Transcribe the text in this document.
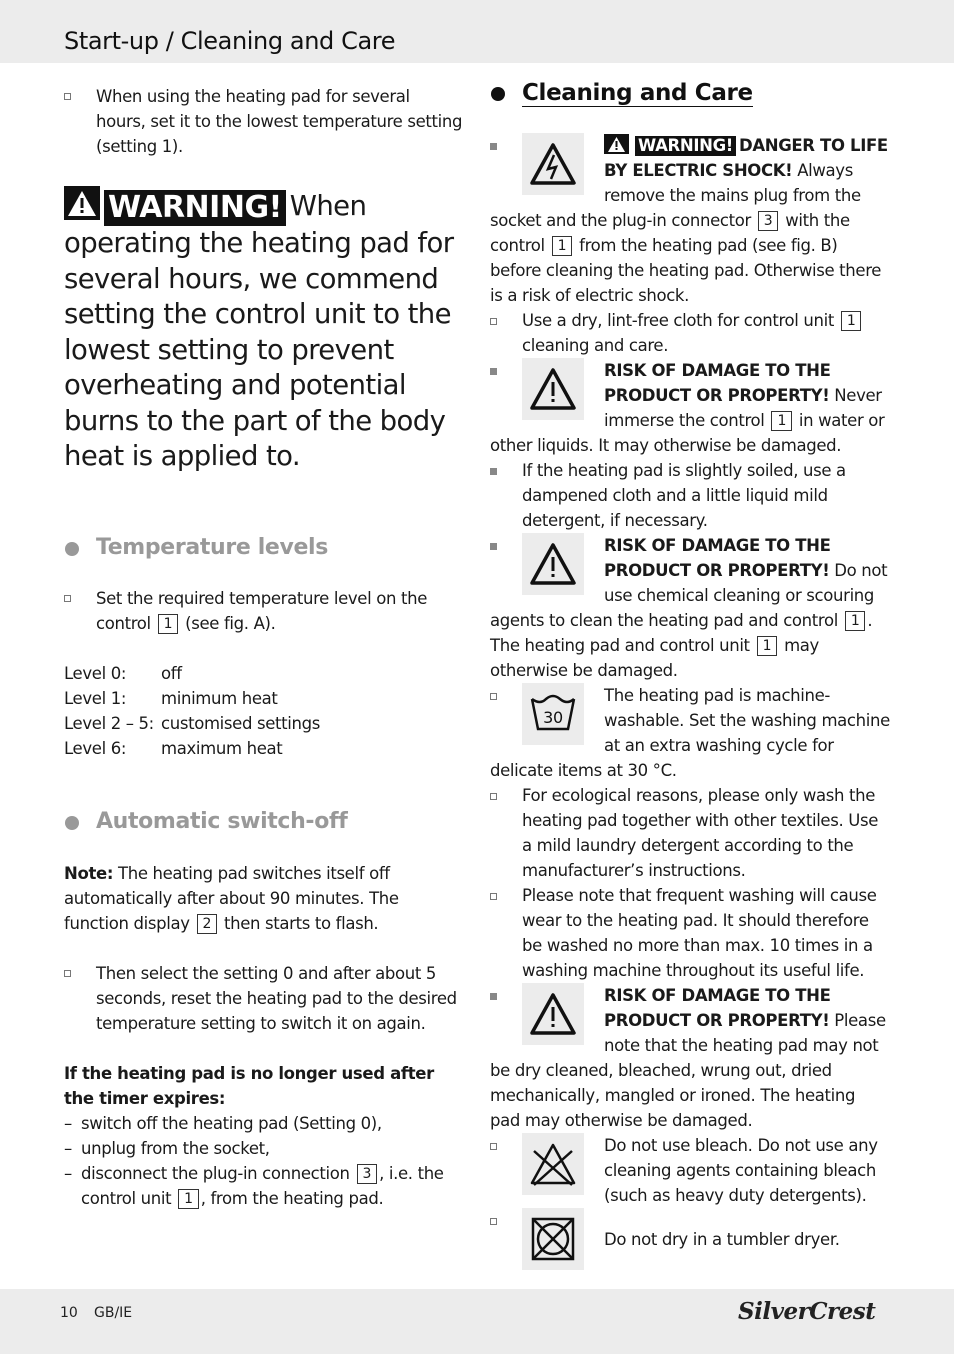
Start-up / Cleaning and Care

When using the heating pad for several hours, set it to the lowest temperature setting (setting 1).

WARNING! When operating the heating pad for several hours, we commend setting the control unit to the lowest setting to prevent overheating and potential burns to the part of the body heat is applied to.
Temperature levels

Set the required temperature level on the control 1 (see fig. A).

Level 0:	off
Level 1:	minimum heat
Level 2 – 5: customised settings
Level 6:	maximum heat
Automatic switch-off

Note: The heating pad switches itself off automatically after about 90 minutes. The function display 2 then starts to flash.

Then select the setting 0 and after about 5 seconds, reset the heating pad to the desired temperature setting to switch it on again.

If the heating pad is no longer used after the timer expires:

– switch off the heating pad (Setting 0),
– unplug from the socket,
– disconnect the plug-in connection 3 , i.e. the control unit 1 , from the heating pad.
Cleaning and Care

WARNING! DANGER TO LIFE BY ELECTRIC SHOCK! Always remove the mains plug from the socket and the plug-in connector 3 with the control 1 from the heating pad (see fig. B) before cleaning the heating pad. Otherwise there is a risk of electric shock.

Use a dry, lint-free cloth for control unit 1 cleaning and care.

RISK OF DAMAGE TO THE PRODUCT OR PROPERTY! Never immerse the control 1 in water or other liquids. It may otherwise be damaged.

If the heating pad is slightly soiled, use a dampened cloth and a little liquid mild detergent, if necessary.

RISK OF DAMAGE TO THE PRODUCT OR PROPERTY! Do not use chemical cleaning or scouring agents to clean the heating pad and control 1 . The heating pad and control unit 1 may otherwise be damaged.

30

The heating pad is machine-washable. Set the washing machine at an extra washing cycle for delicate items at 30 °C.

For ecological reasons, please only wash the heating pad together with other textiles. Use a mild laundry detergent according to the manufacturer’s instructions.

Please note that frequent washing will cause wear to the heating pad. It should therefore be washed no more than max. 10 times in a washing machine throughout its useful life.

RISK OF DAMAGE TO THE PRODUCT OR PROPERTY! Please note that the heating pad may not be dry cleaned, bleached, wrung out, dried mechanically, mangled or ironed. The heating pad may otherwise be damaged.

Do not use bleach. Do not use any cleaning agents containing bleach (such as heavy duty detergents).

Do not dry in a tumbler dryer.

10 GB/IE	SilverCrest
